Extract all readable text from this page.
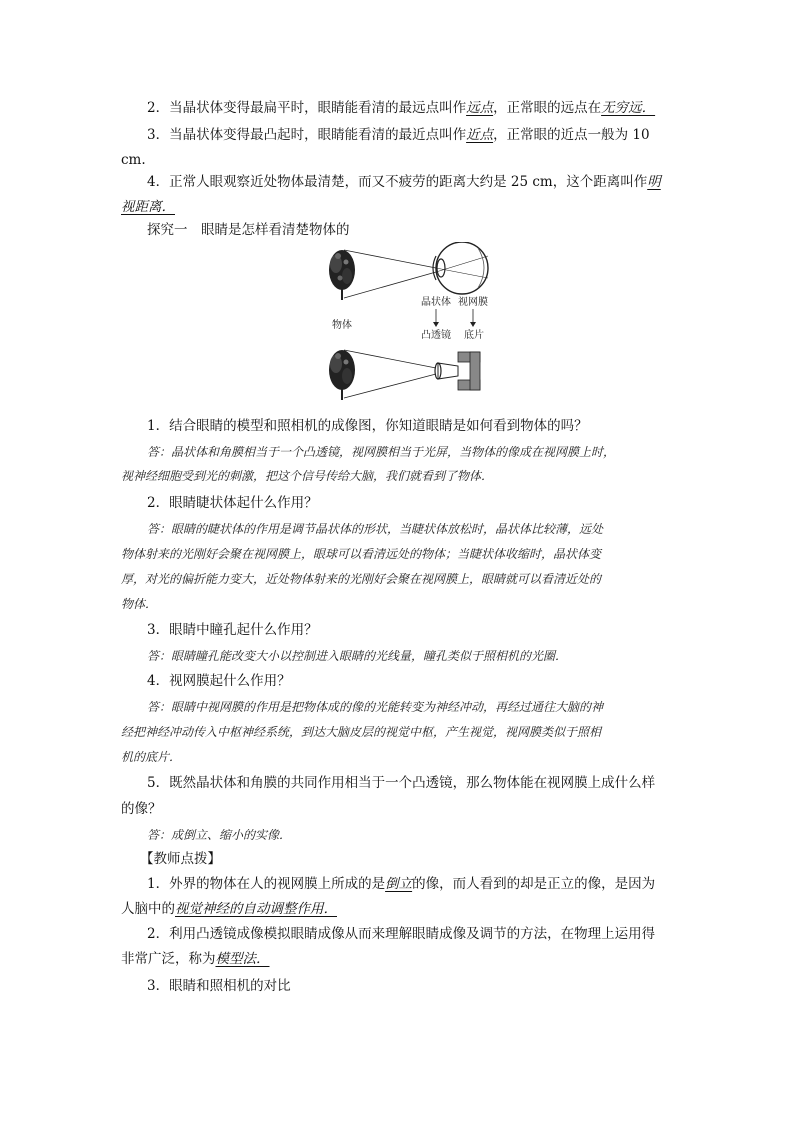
2．当晶状体变得最扁平时，眼睛能看清的最远点叫作远点，正常眼的远点在无穷远．
3．当晶状体变得最凸起时，眼睛能看清的最近点叫作近点，正常眼的近点一般为 10
cm.
4．正常人眼观察近处物体最清楚，而又不疲劳的距离大约是 25 cm，这个距离叫作明
视距离．
探究一　眼睛是怎样看清楚物体的
晶状体 视网膜
凸透镜 底片
物体
1．结合眼睛的模型和照相机的成像图，你知道眼睛是如何看到物体的吗？
答：晶状体和角膜相当于一个凸透镜，视网膜相当于光屏，当物体的像成在视网膜上时，
视神经细胞受到光的刺激，把这个信号传给大脑，我们就看到了物体．
2．眼睛睫状体起什么作用？
答：眼睛的睫状体的作用是调节晶状体的形状，当睫状体放松时，晶状体比较薄，远处
物体射来的光刚好会聚在视网膜上，眼球可以看清远处的物体；当睫状体收缩时，晶状体变
厚，对光的偏折能力变大，近处物体射来的光刚好会聚在视网膜上，眼睛就可以看清近处的
物体．
3．眼睛中瞳孔起什么作用？
答：眼睛瞳孔能改变大小以控制进入眼睛的光线量，瞳孔类似于照相机的光圈．
4．视网膜起什么作用？
答：眼睛中视网膜的作用是把物体成的像的光能转变为神经冲动，再经过通往大脑的神
经把神经冲动传入中枢神经系统，到达大脑皮层的视觉中枢，产生视觉，视网膜类似于照相
机的底片．
5．既然晶状体和角膜的共同作用相当于一个凸透镜，那么物体能在视网膜上成什么样
的像？
答：成倒立、缩小的实像．
【教师点拨】
1．外界的物体在人的视网膜上所成的是倒立的像，而人看到的却是正立的像，是因为
人脑中的视觉神经的自动调整作用．
2．利用凸透镜成像模拟眼睛成像从而来理解眼睛成像及调节的方法，在物理上运用得
非常广泛，称为模型法．
3．眼睛和照相机的对比
